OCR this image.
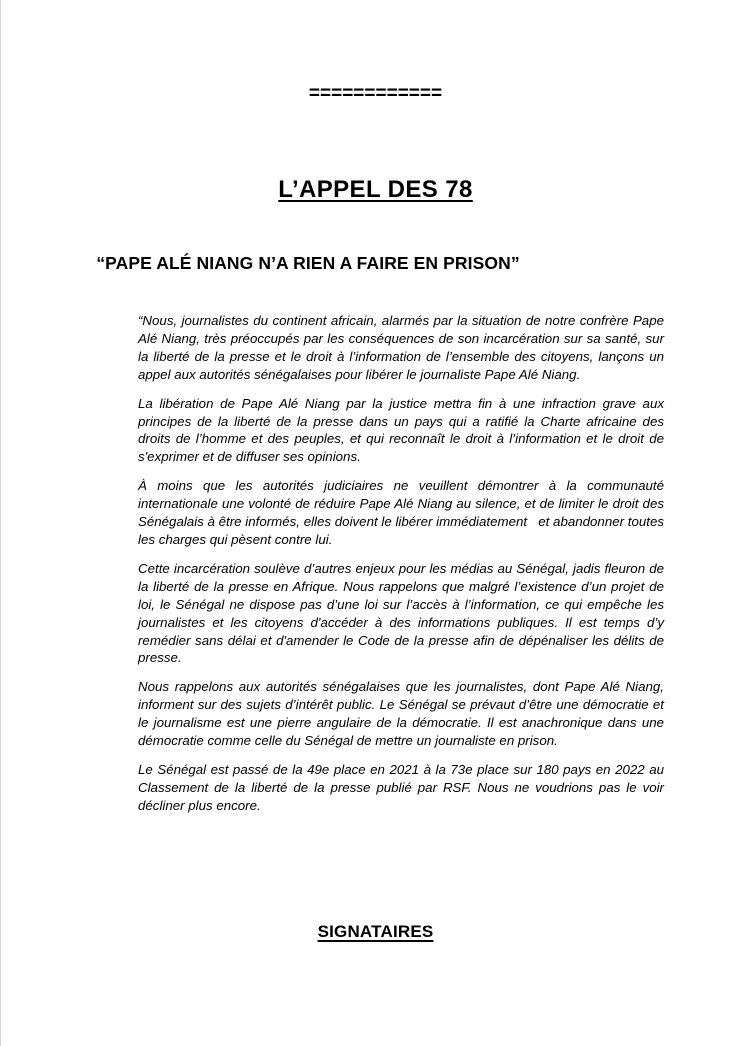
============
L’APPEL DES 78
“PAPE ALÉ NIANG N’A RIEN A FAIRE EN PRISON”

“Nous, journalistes du continent africain, alarmés par la situation de notre confrère Pape Alé Niang, très préoccupés par les conséquences de son incarcération sur sa santé, sur la liberté de la presse et le droit à l’information de l’ensemble des citoyens, lançons un appel aux autorités sénégalaises pour libérer le journaliste Pape Alé Niang.

La libération de Pape Alé Niang par la justice mettra fin à une infraction grave aux principes de la liberté de la presse dans un pays qui a ratifié la Charte africaine des droits de l’homme et des peuples, et qui reconnaît le droit à l’information et le droit de s'exprimer et de diffuser ses opinions.

À moins que les autorités judiciaires ne veuillent démontrer à la communauté internationale une volonté de réduire Pape Alé Niang au silence, et de limiter le droit des Sénégalais à être informés, elles doivent le libérer immédiatement   et abandonner toutes les charges qui pèsent contre lui.

Cette incarcération soulève d’autres enjeux pour les médias au Sénégal, jadis fleuron de la liberté de la presse en Afrique. Nous rappelons que malgré l’existence d’un projet de loi, le Sénégal ne dispose pas d’une loi sur l’accès à l’information, ce qui empêche les journalistes et les citoyens d'accéder à des informations publiques. Il est temps d’y remédier sans délai et d'amender le Code de la presse afin de dépénaliser les délits de presse.

Nous rappelons aux autorités sénégalaises que les journalistes, dont Pape Alé Niang, informent sur des sujets d’intérêt public. Le Sénégal se prévaut d’être une démocratie et le journalisme est une pierre angulaire de la démocratie. Il est anachronique dans une démocratie comme celle du Sénégal de mettre un journaliste en prison.

Le Sénégal est passé de la 49e place en 2021 à la 73e place sur 180 pays en 2022 au Classement de la liberté de la presse publié par RSF. Nous ne voudrions pas le voir décliner plus encore.

SIGNATAIRES
